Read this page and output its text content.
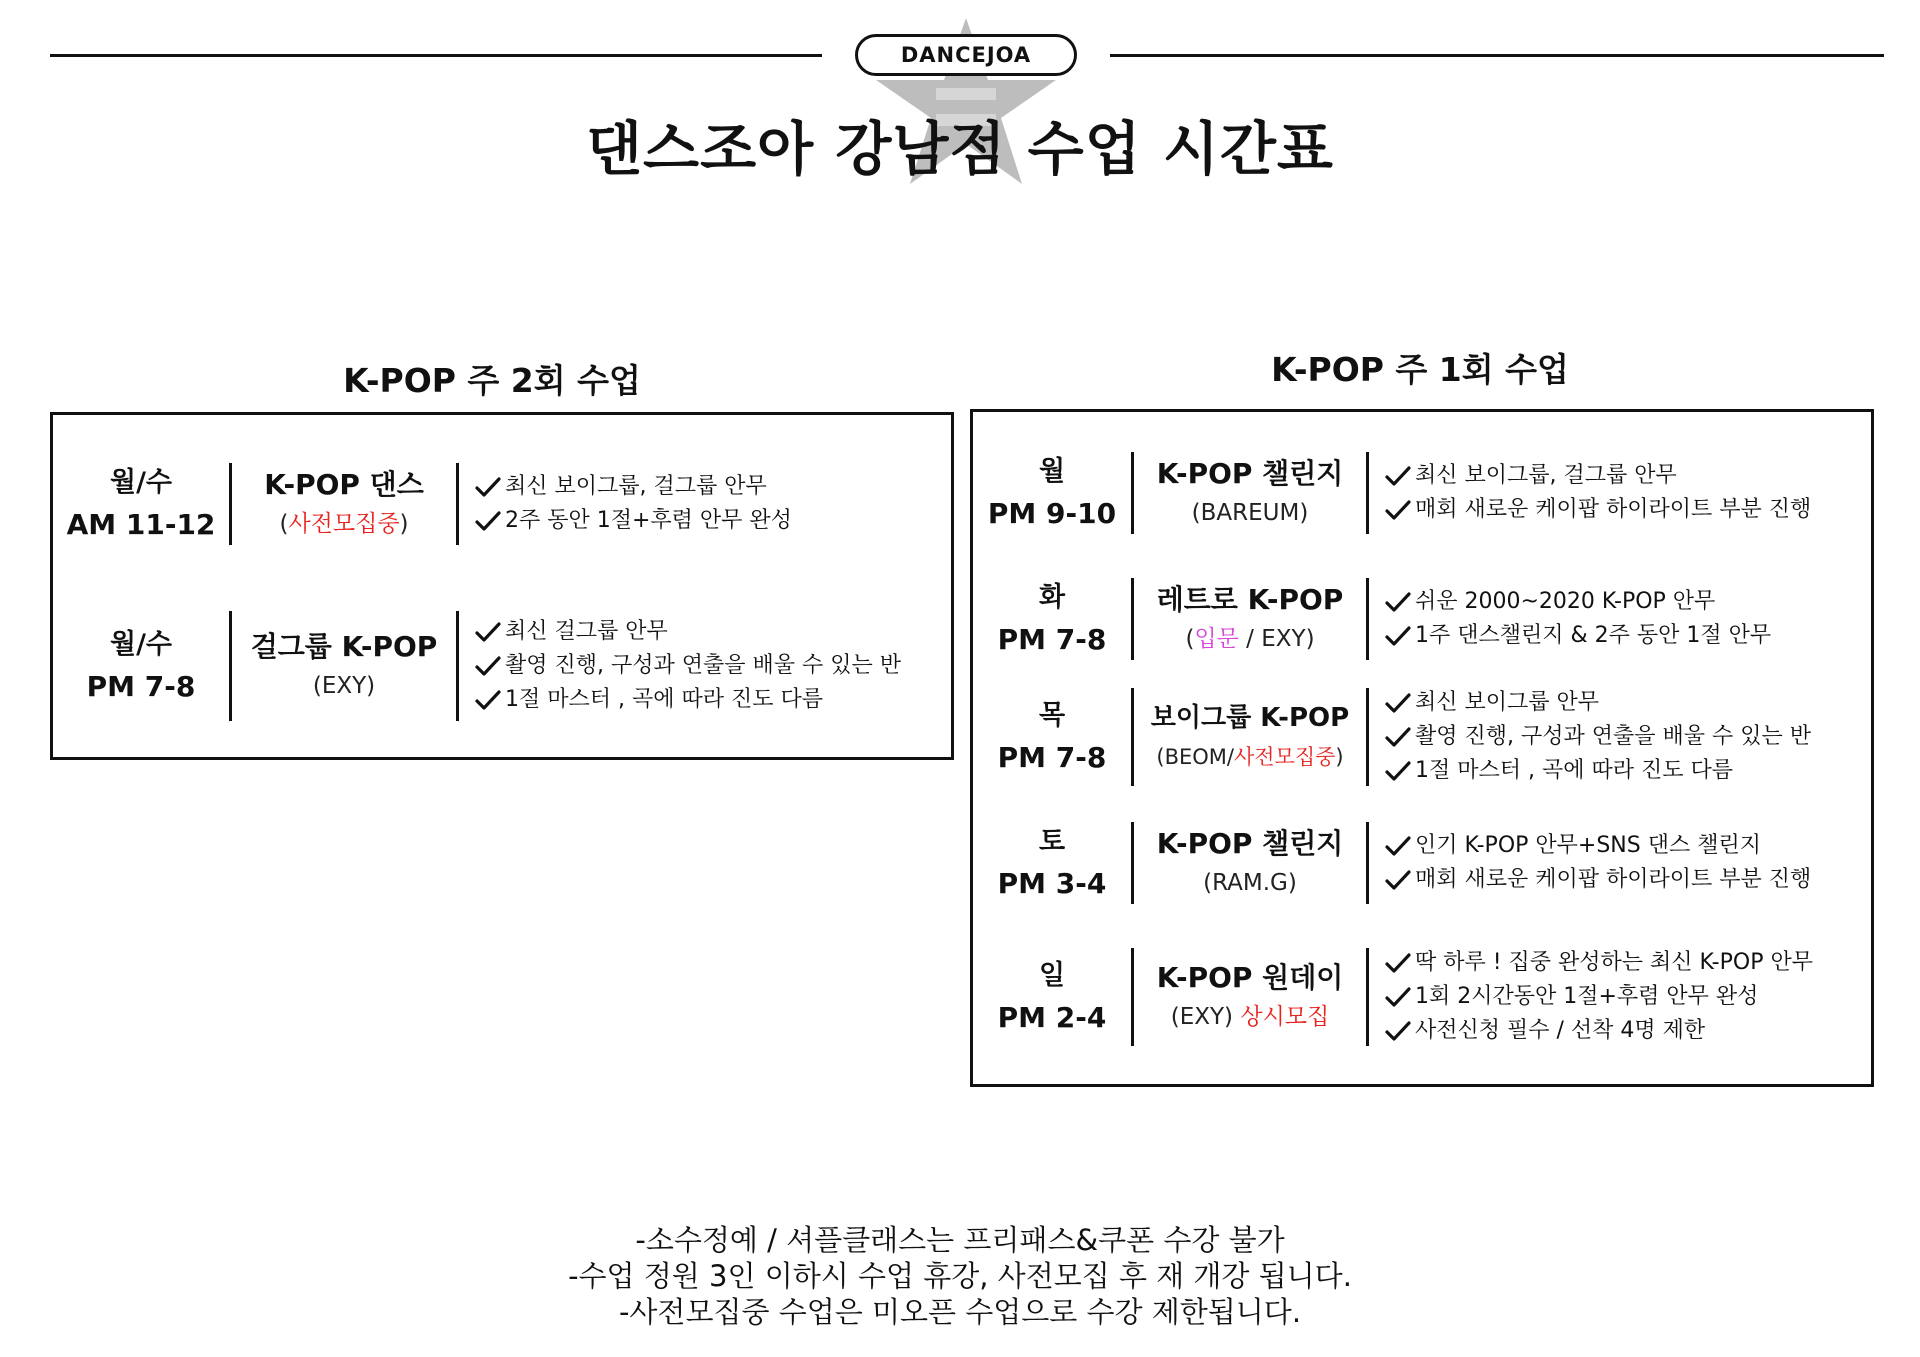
DANCEJOA
댄스조아 강남점 수업 시간표
K-POP 주 2회 수업	K-POP 주 1회 수업
월/수
AM 11-12
K-POP 댄스
(사전모집중)
최신 보이그룹, 걸그룹 안무
2주 동안 1절+후렴 안무 완성
월/수
PM 7-8
걸그룹 K-POP
(EXY)
최신 걸그룹 안무
촬영 진행, 구성과 연출을 배울 수 있는 반
1절 마스터 , 곡에 따라 진도 다름
월
PM 9-10
K-POP 챌린지
(BAREUM)
최신 보이그룹, 걸그룹 안무
매회 새로운 케이팝 하이라이트 부분 진행
화
PM 7-8
레트로 K-POP
(입문 / EXY)
쉬운 2000~2020 K-POP 안무
1주 댄스챌린지 & 2주 동안 1절 안무
목
PM 7-8
보이그룹 K-POP
(BEOM/사전모집중)
최신 보이그룹 안무
촬영 진행, 구성과 연출을 배울 수 있는 반
1절 마스터 , 곡에 따라 진도 다름
토
PM 3-4
K-POP 챌린지
(RAM.G)
인기 K-POP 안무+SNS 댄스 챌린지
매회 새로운 케이팝 하이라이트 부분 진행
일
PM 2-4
K-POP 원데이
(EXY) 상시모집
딱 하루 ! 집중 완성하는 최신 K-POP 안무
1회 2시간동안 1절+후렴 안무 완성
사전신청 필수 / 선착 4명 제한
-소수정예 / 셔플클래스는 프리패스&쿠폰 수강 불가
-수업 정원 3인 이하시 수업 휴강, 사전모집 후 재 개강 됩니다.
-사전모집중 수업은 미오픈 수업으로 수강 제한됩니다.
